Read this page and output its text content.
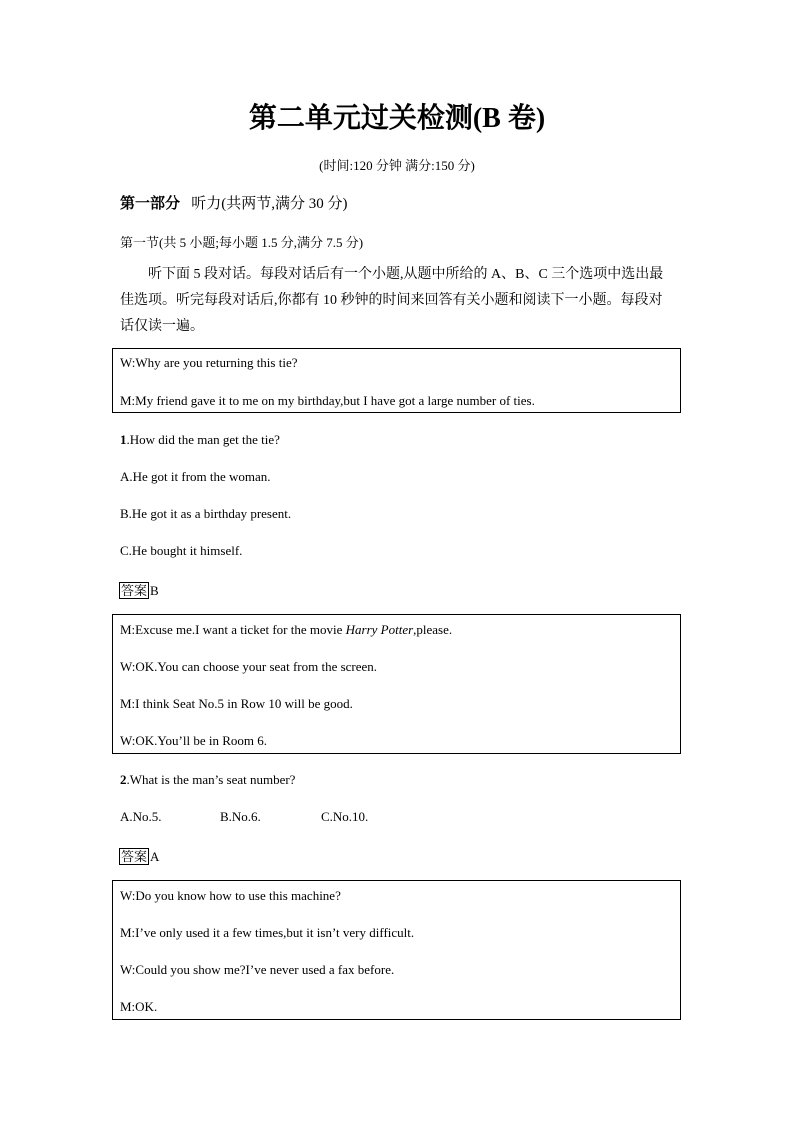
第二单元过关检测(B 卷)
(时间:120 分钟 满分:150 分)
第一部分 听力(共两节,满分 30 分)
第一节(共 5 小题;每小题 1.5 分,满分 7.5 分)
听下面 5 段对话。每段对话后有一个小题,从题中所给的 A、B、C 三个选项中选出最佳选项。听完每段对话后,你都有 10 秒钟的时间来回答有关小题和阅读下一小题。每段对话仅读一遍。
W:Why are you returning this tie?
M:My friend gave it to me on my birthday,but I have got a large number of ties.
1.How did the man get the tie?
A.He got it from the woman.
B.He got it as a birthday present.
C.He bought it himself.
答案 B
M:Excuse me.I want a ticket for the movie Harry Potter,please.
W:OK.You can choose your seat from the screen.
M:I think Seat No.5 in Row 10 will be good.
W:OK.You’ll be in Room 6.
2.What is the man’s seat number?
A.No.5.	B.No.6.	C.No.10.
答案 A
W:Do you know how to use this machine?
M:I’ve only used it a few times,but it isn’t very difficult.
W:Could you show me?I’ve never used a fax before.
M:OK.
